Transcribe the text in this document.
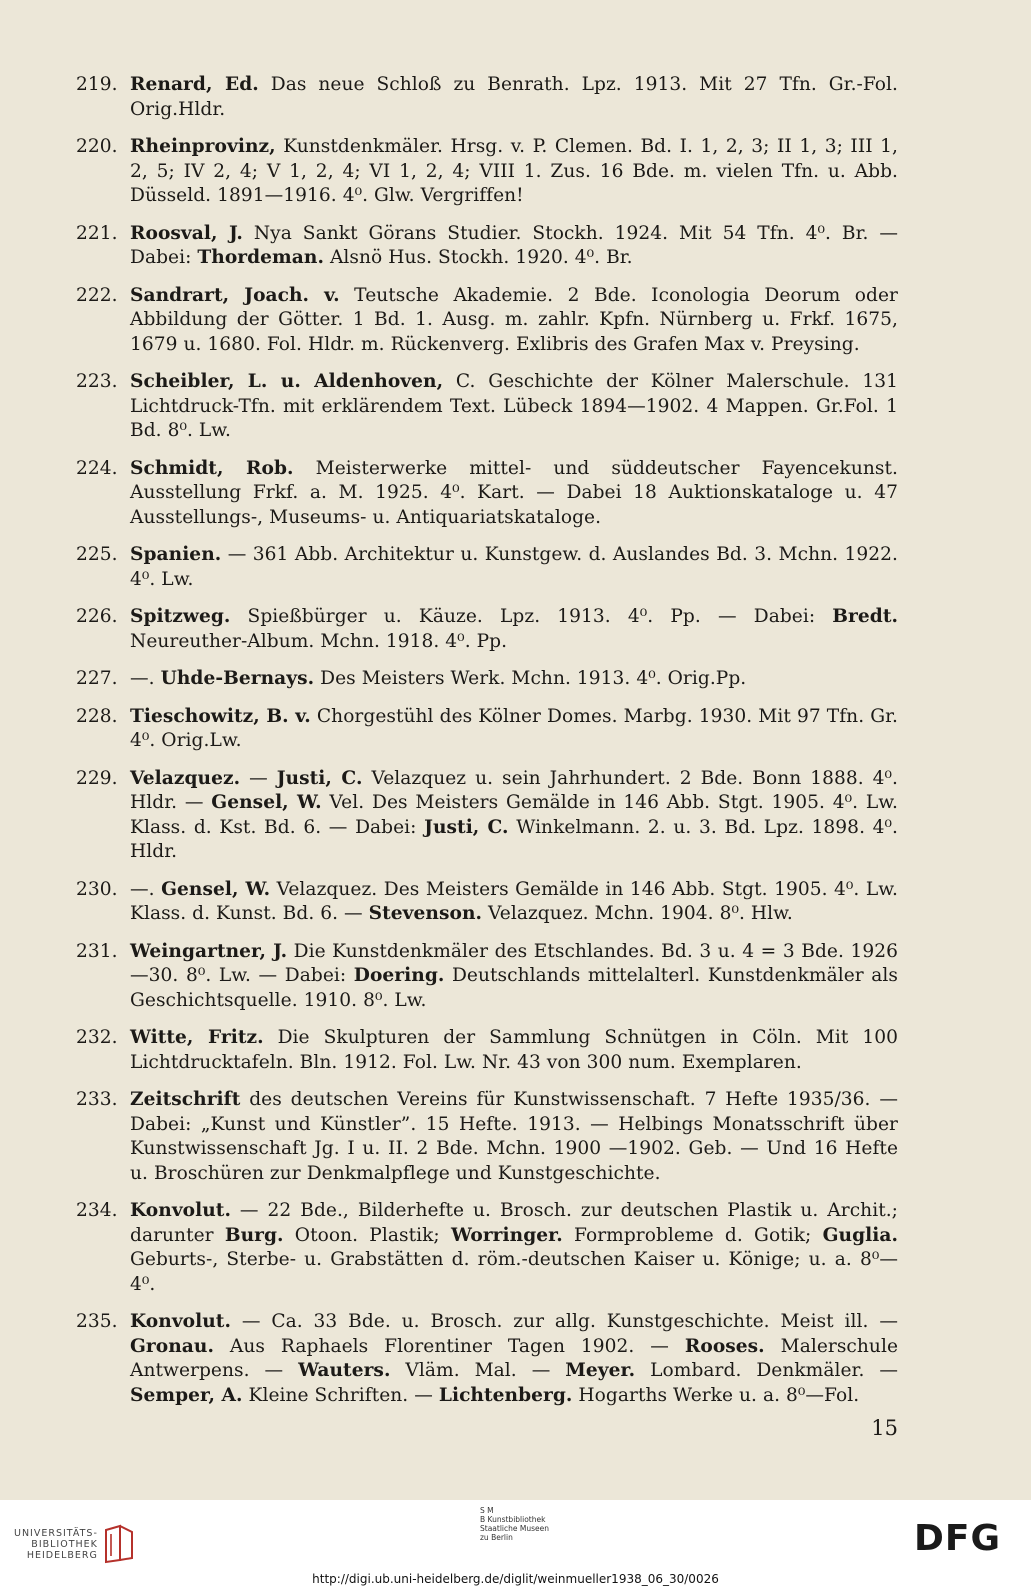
219. Renard, Ed. Das neue Schloß zu Benrath. Lpz. 1913. Mit 27 Tfn. Gr.-Fol. Orig.Hldr.
220. Rheinprovinz, Kunstdenkmäler. Hrsg. v. P. Clemen. Bd. I. 1, 2, 3; II 1, 3; III 1, 2, 5; IV 2, 4; V 1, 2, 4; VI 1, 2, 4; VIII 1. Zus. 16 Bde. m. vielen Tfn. u. Abb. Düsseld. 1891—1916. 4⁰. Glw. Vergriffen!
221. Roosval, J. Nya Sankt Görans Studier. Stockh. 1924. Mit 54 Tfn. 4⁰. Br. — Dabei: Thordeman. Alsnö Hus. Stockh. 1920. 4⁰. Br.
222. Sandrart, Joach. v. Teutsche Akademie. 2 Bde. Iconologia Deorum oder Abbildung der Götter. 1 Bd. 1. Ausg. m. zahlr. Kpfn. Nürnberg u. Frkf. 1675, 1679 u. 1680. Fol. Hldr. m. Rückenverg. Exlibris des Grafen Max v. Preysing.
223. Scheibler, L. u. Aldenhoven, C. Geschichte der Kölner Malerschule. 131 Lichtdruck-Tfn. mit erklärendem Text. Lübeck 1894—1902. 4 Mappen. Gr.Fol. 1 Bd. 8⁰. Lw.
224. Schmidt, Rob. Meisterwerke mittel- und süddeutscher Fayencekunst. Ausstellung Frkf. a. M. 1925. 4⁰. Kart. — Dabei 18 Auktionskataloge u. 47 Ausstellungs-, Museums- u. Antiquariatskataloge.
225. Spanien. — 361 Abb. Architektur u. Kunstgew. d. Auslandes Bd. 3. Mchn. 1922. 4⁰. Lw.
226. Spitzweg. Spießbürger u. Käuze. Lpz. 1913. 4⁰. Pp. — Dabei: Bredt. Neureuther-Album. Mchn. 1918. 4⁰. Pp.
227. —. Uhde-Bernays. Des Meisters Werk. Mchn. 1913. 4⁰. Orig.Pp.
228. Tieschowitz, B. v. Chorgestühl des Kölner Domes. Marbg. 1930. Mit 97 Tfn. Gr. 4⁰. Orig.Lw.
229. Velazquez. — Justi, C. Velazquez u. sein Jahrhundert. 2 Bde. Bonn 1888. 4⁰. Hldr. — Gensel, W. Vel. Des Meisters Gemälde in 146 Abb. Stgt. 1905. 4⁰. Lw. Klass. d. Kst. Bd. 6. — Dabei: Justi, C. Winkelmann. 2. u. 3. Bd. Lpz. 1898. 4⁰. Hldr.
230. —. Gensel, W. Velazquez. Des Meisters Gemälde in 146 Abb. Stgt. 1905. 4⁰. Lw. Klass. d. Kunst. Bd. 6. — Stevenson. Velazquez. Mchn. 1904. 8⁰. Hlw.
231. Weingartner, J. Die Kunstdenkmäler des Etschlandes. Bd. 3 u. 4 = 3 Bde. 1926—30. 8⁰. Lw. — Dabei: Doering. Deutschlands mittelalterl. Kunstdenkmäler als Geschichtsquelle. 1910. 8⁰. Lw.
232. Witte, Fritz. Die Skulpturen der Sammlung Schnütgen in Cöln. Mit 100 Lichtdrucktafeln. Bln. 1912. Fol. Lw. Nr. 43 von 300 num. Exemplaren.
233. Zeitschrift des deutschen Vereins für Kunstwissenschaft. 7 Hefte 1935/36. — Dabei: „Kunst und Künstler”. 15 Hefte. 1913. — Helbings Monatsschrift über Kunstwissenschaft Jg. I u. II. 2 Bde. Mchn. 1900 —1902. Geb. — Und 16 Hefte u. Broschüren zur Denkmalpflege und Kunstgeschichte.
234. Konvolut. — 22 Bde., Bilderhefte u. Brosch. zur deutschen Plastik u. Archit.; darunter Burg. Otoon. Plastik; Worringer. Formprobleme d. Gotik; Guglia. Geburts-, Sterbe- u. Grabstätten d. röm.-deutschen Kaiser u. Könige; u. a. 8⁰—4⁰.
235. Konvolut. — Ca. 33 Bde. u. Brosch. zur allg. Kunstgeschichte. Meist ill. — Gronau. Aus Raphaels Florentiner Tagen 1902. — Rooses. Malerschule Antwerpens. — Wauters. Vläm. Mal. — Meyer. Lombard. Denkmäler. — Semper, A. Kleine Schriften. — Lichtenberg. Hogarths Werke u. a. 8⁰—Fol.
15
UNIVERSITÄTS-
BIBLIOTHEK
HEIDELBERG
S M
B Kunstbibliothek
Staatliche Museen
zu Berlin	DFG
http://digi.ub.uni-heidelberg.de/diglit/weinmueller1938_06_30/0026
